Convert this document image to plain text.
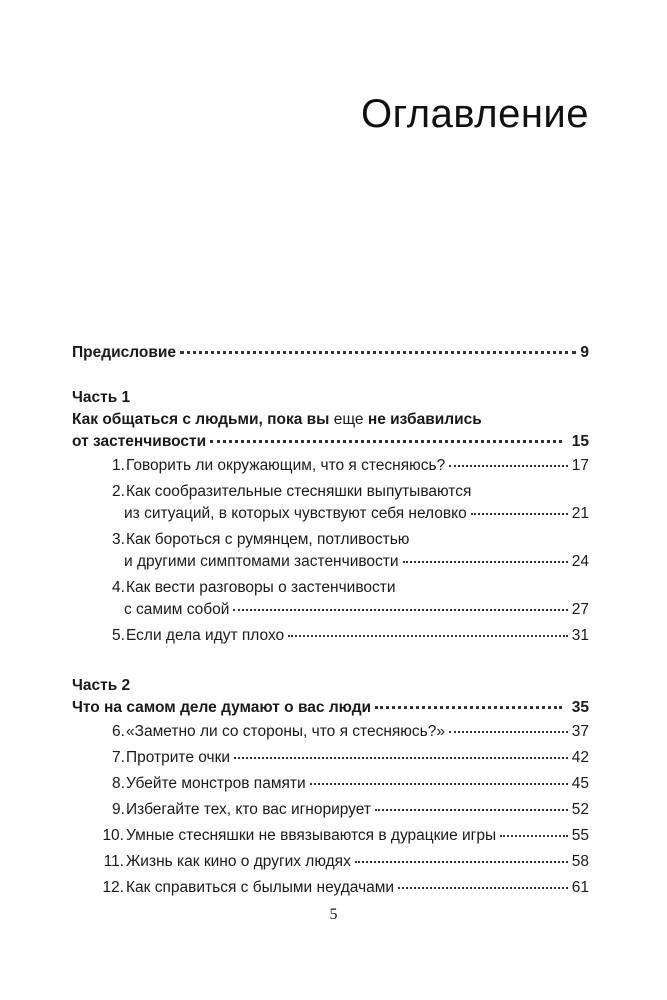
Оглавление
Предисловие	9
Часть 1
Как общаться с людьми, пока вы еще не избавились
от застенчивости	15
1.Говорить ли окружающим, что я стесняюсь?	17
2.Как сообразительные стесняшки выпутываются
из ситуаций, в которых чувствуют себя неловко	21
3.Как бороться с румянцем, потливостью
и другими симптомами застенчивости	24
4.Как вести разговоры о застенчивости
с самим собой	27
5.Если дела идут плохо	31
Часть 2
Что на самом деле думают о вас люди	35
6.«Заметно ли со стороны, что я стесняюсь?»	37
7.Протрите очки	42
8.Убейте монстров памяти	45
9.Избегайте тех, кто вас игнорирует	52
10. Умные стесняшки не ввязываются в дурацкие игры	55
11. Жизнь как кино о других людях	58
12. Как справиться с былыми неудачами	61
5
